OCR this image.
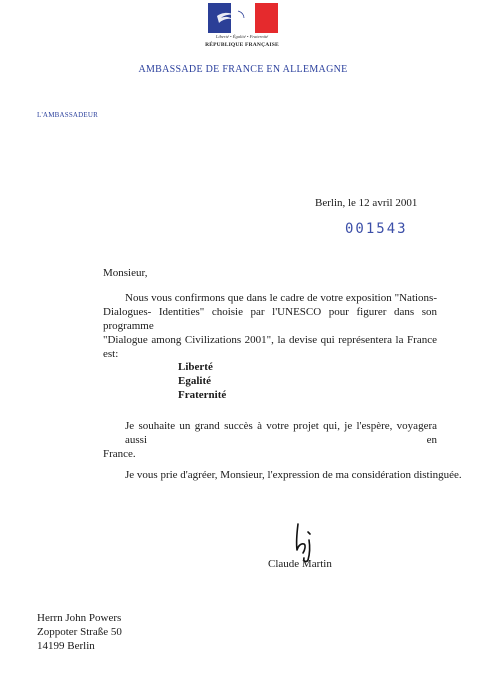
Liberté • Égalité • Fraternité
RÉPUBLIQUE FRANÇAISE
AMBASSADE DE FRANCE EN ALLEMAGNE
L'AMBASSADEUR
Berlin, le 12 avril 2001
001543
Monsieur,
Nous vous confirmons que dans le cadre de votre exposition "Nations-
Dialogues- Identities" choisie par l'UNESCO pour figurer dans son programme
"Dialogue among Civilizations 2001", la devise qui représentera la France est:
Liberté
Egalité
Fraternité
Je souhaite un grand succès à votre projet qui, je l'espère, voyagera aussi en
France.
Je vous prie d'agréer, Monsieur, l'expression de ma considération distinguée.
Claude Martin
Herrn John Powers
Zoppoter Straße 50
14199 Berlin
